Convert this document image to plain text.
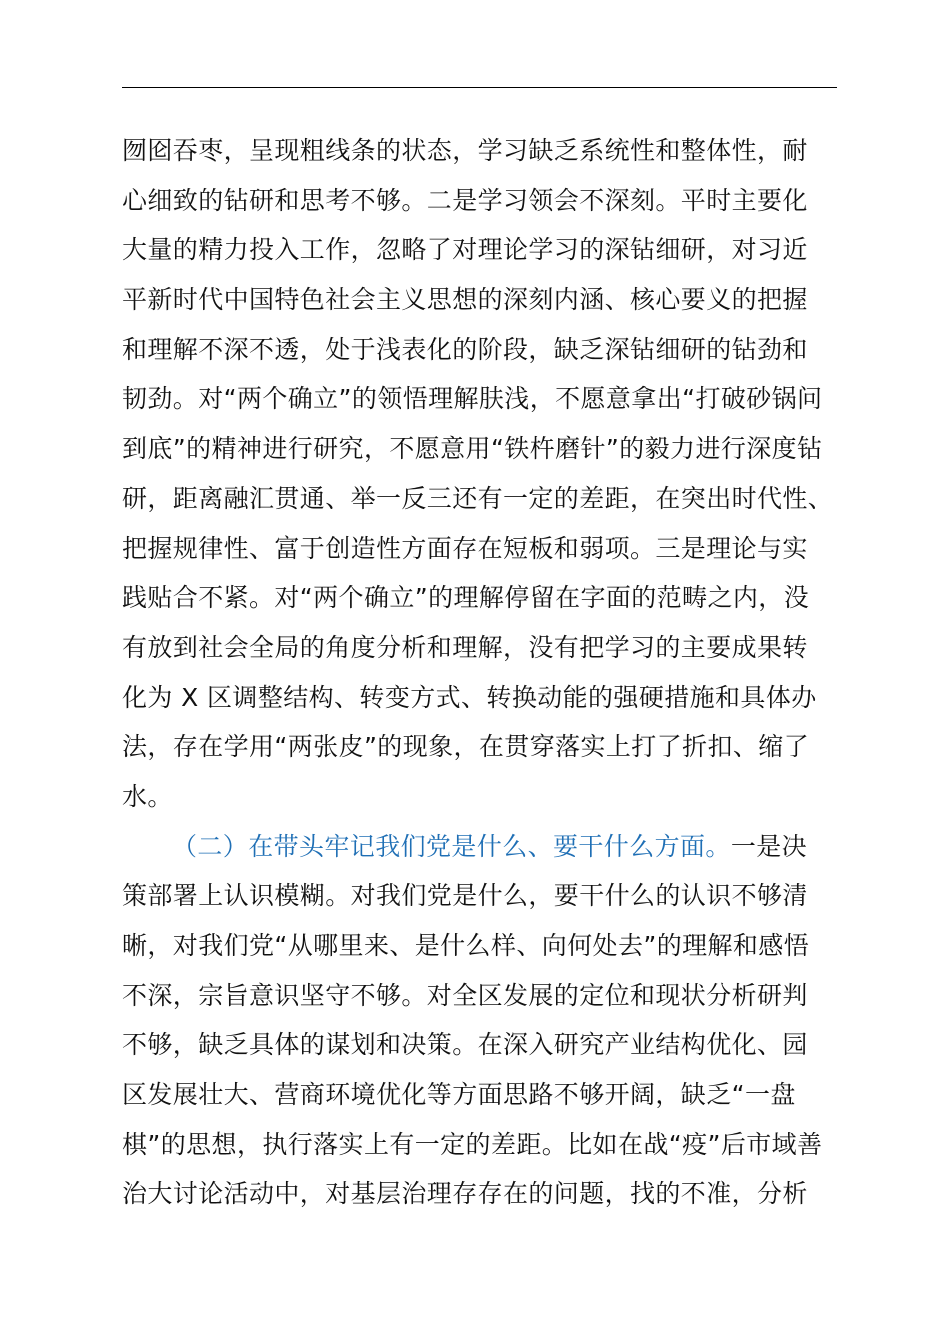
囫囵吞枣，呈现粗线条的状态，学习缺乏系统性和整体性，耐
心细致的钻研和思考不够。二是学习领会不深刻。平时主要化
大量的精力投入工作，忽略了对理论学习的深钻细研，对习近
平新时代中国特色社会主义思想的深刻内涵、核心要义的把握
和理解不深不透，处于浅表化的阶段，缺乏深钻细研的钻劲和
韧劲。对“两个确立”的领悟理解肤浅，不愿意拿出“打破砂锅问
到底”的精神进行研究，不愿意用“铁杵磨针”的毅力进行深度钻
研，距离融汇贯通、举一反三还有一定的差距，在突出时代性、
把握规律性、富于创造性方面存在短板和弱项。三是理论与实
践贴合不紧。对“两个确立”的理解停留在字面的范畴之内，没
有放到社会全局的角度分析和理解，没有把学习的主要成果转
化为 X 区调整结构、转变方式、转换动能的强硬措施和具体办
法，存在学用“两张皮”的现象，在贯穿落实上打了折扣、缩了
水。
（二）在带头牢记我们党是什么、要干什么方面。一是决
策部署上认识模糊。对我们党是什么，要干什么的认识不够清
晰，对我们党“从哪里来、是什么样、向何处去”的理解和感悟
不深，宗旨意识坚守不够。对全区发展的定位和现状分析研判
不够，缺乏具体的谋划和决策。在深入研究产业结构优化、园
区发展壮大、营商环境优化等方面思路不够开阔，缺乏“一盘
棋”的思想，执行落实上有一定的差距。比如在战“疫”后市域善
治大讨论活动中，对基层治理存存在的问题，找的不准，分析
